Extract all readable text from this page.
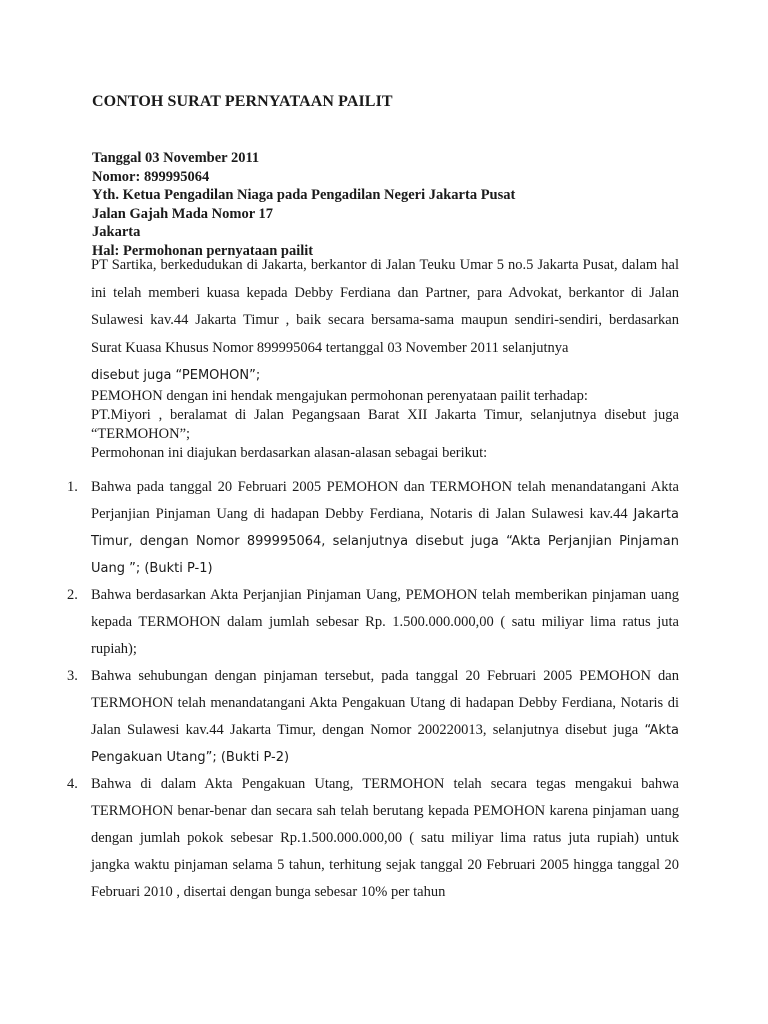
CONTOH SURAT PERNYATAAN PAILIT
Tanggal 03 November 2011
Nomor: 899995064
Yth. Ketua Pengadilan Niaga pada Pengadilan Negeri Jakarta Pusat
Jalan Gajah Mada Nomor 17
Jakarta
Hal: Permohonan pernyataan pailit
PT Sartika, berkedudukan di Jakarta, berkantor di Jalan Teuku Umar 5 no.5 Jakarta Pusat, dalam hal ini telah memberi kuasa kepada Debby Ferdiana dan Partner, para Advokat, berkantor di Jalan Sulawesi kav.44 Jakarta Timur , baik secara bersama-sama maupun sendiri-sendiri, berdasarkan Surat Kuasa Khusus Nomor 899995064 tertanggal 03 November 2011 selanjutnya
disebut juga “PEMOHON”;
PEMOHON dengan ini hendak mengajukan permohonan perenyataan pailit terhadap:
PT.Miyori , beralamat di Jalan Pegangsaan Barat XII Jakarta Timur, selanjutnya disebut juga “TERMOHON”;
Permohonan ini diajukan berdasarkan alasan-alasan sebagai berikut:
1. Bahwa pada tanggal 20 Februari 2005 PEMOHON dan TERMOHON telah menandatangani Akta Perjanjian Pinjaman Uang di hadapan Debby Ferdiana, Notaris di Jalan Sulawesi kav.44 Jakarta Timur, dengan Nomor 899995064, selanjutnya disebut juga “Akta Perjanjian Pinjaman Uang ”; (Bukti P-1)
2. Bahwa berdasarkan Akta Perjanjian Pinjaman Uang, PEMOHON telah memberikan pinjaman uang kepada TERMOHON dalam jumlah sebesar Rp. 1.500.000.000,00 ( satu miliyar lima ratus juta rupiah);
3. Bahwa sehubungan dengan pinjaman tersebut, pada tanggal 20 Februari 2005 PEMOHON dan TERMOHON telah menandatangani Akta Pengakuan Utang di hadapan Debby Ferdiana, Notaris di Jalan Sulawesi kav.44 Jakarta Timur, dengan Nomor 200220013, selanjutnya disebut juga “Akta Pengakuan Utang”; (Bukti P-2)
4. Bahwa di dalam Akta Pengakuan Utang, TERMOHON telah secara tegas mengakui bahwa TERMOHON benar-benar dan secara sah telah berutang kepada PEMOHON karena pinjaman uang dengan jumlah pokok sebesar Rp.1.500.000.000,00 ( satu miliyar lima ratus juta rupiah) untuk jangka waktu pinjaman selama 5 tahun, terhitung sejak tanggal 20 Februari 2005 hingga tanggal 20 Februari 2010 , disertai dengan bunga sebesar 10% per tahun
